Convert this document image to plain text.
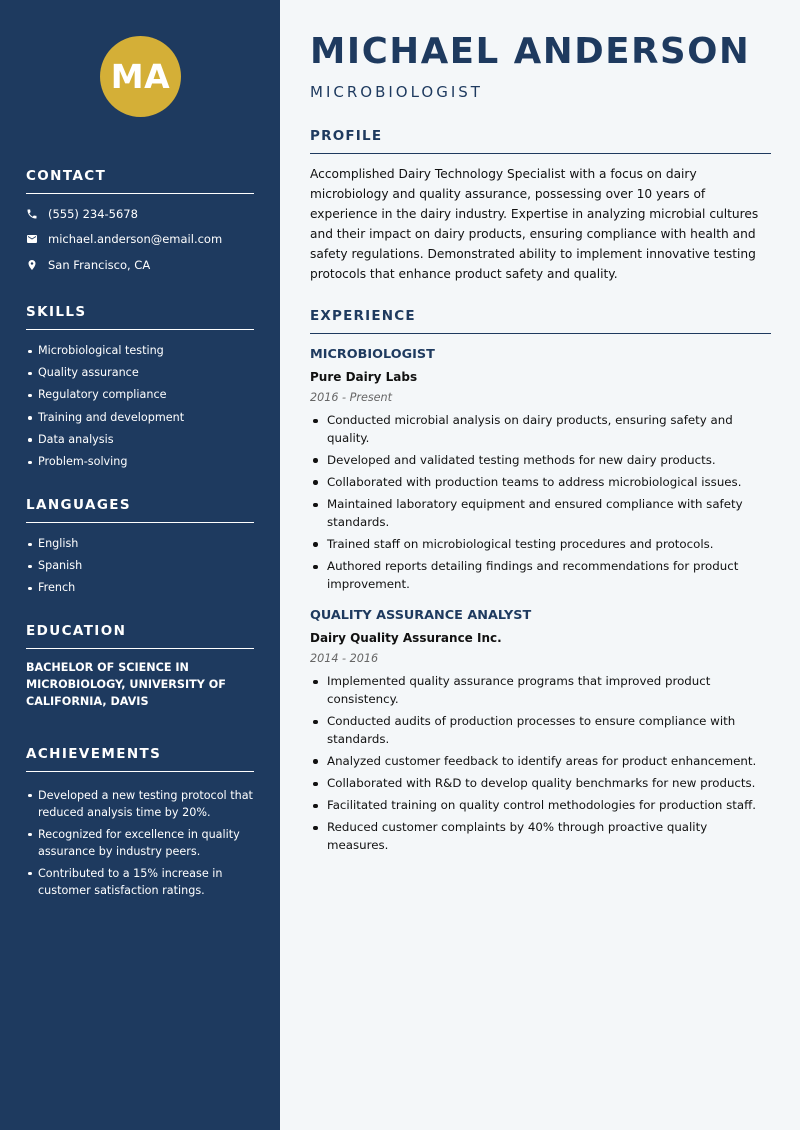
MA
CONTACT
(555) 234-5678
michael.anderson@email.com
San Francisco, CA
SKILLS
Microbiological testing
Quality assurance
Regulatory compliance
Training and development
Data analysis
Problem-solving
LANGUAGES
English
Spanish
French
EDUCATION
BACHELOR OF SCIENCE IN MICROBIOLOGY, UNIVERSITY OF CALIFORNIA, DAVIS
ACHIEVEMENTS
Developed a new testing protocol that reduced analysis time by 20%.
Recognized for excellence in quality assurance by industry peers.
Contributed to a 15% increase in customer satisfaction ratings.
MICHAEL ANDERSON
MICROBIOLOGIST
PROFILE

Accomplished Dairy Technology Specialist with a focus on dairy microbiology and quality assurance, possessing over 10 years of experience in the dairy industry. Expertise in analyzing microbial cultures and their impact on dairy products, ensuring compliance with health and safety regulations. Demonstrated ability to implement innovative testing protocols that enhance product safety and quality.

EXPERIENCE
MICROBIOLOGIST
Pure Dairy Labs
2016 - Present
Conducted microbial analysis on dairy products, ensuring safety and quality.
Developed and validated testing methods for new dairy products.
Collaborated with production teams to address microbiological issues.
Maintained laboratory equipment and ensured compliance with safety standards.
Trained staff on microbiological testing procedures and protocols.
Authored reports detailing findings and recommendations for product improvement.
QUALITY ASSURANCE ANALYST
Dairy Quality Assurance Inc.
2014 - 2016
Implemented quality assurance programs that improved product consistency.
Conducted audits of production processes to ensure compliance with standards.
Analyzed customer feedback to identify areas for product enhancement.
Collaborated with R&D to develop quality benchmarks for new products.
Facilitated training on quality control methodologies for production staff.
Reduced customer complaints by 40% through proactive quality measures.
